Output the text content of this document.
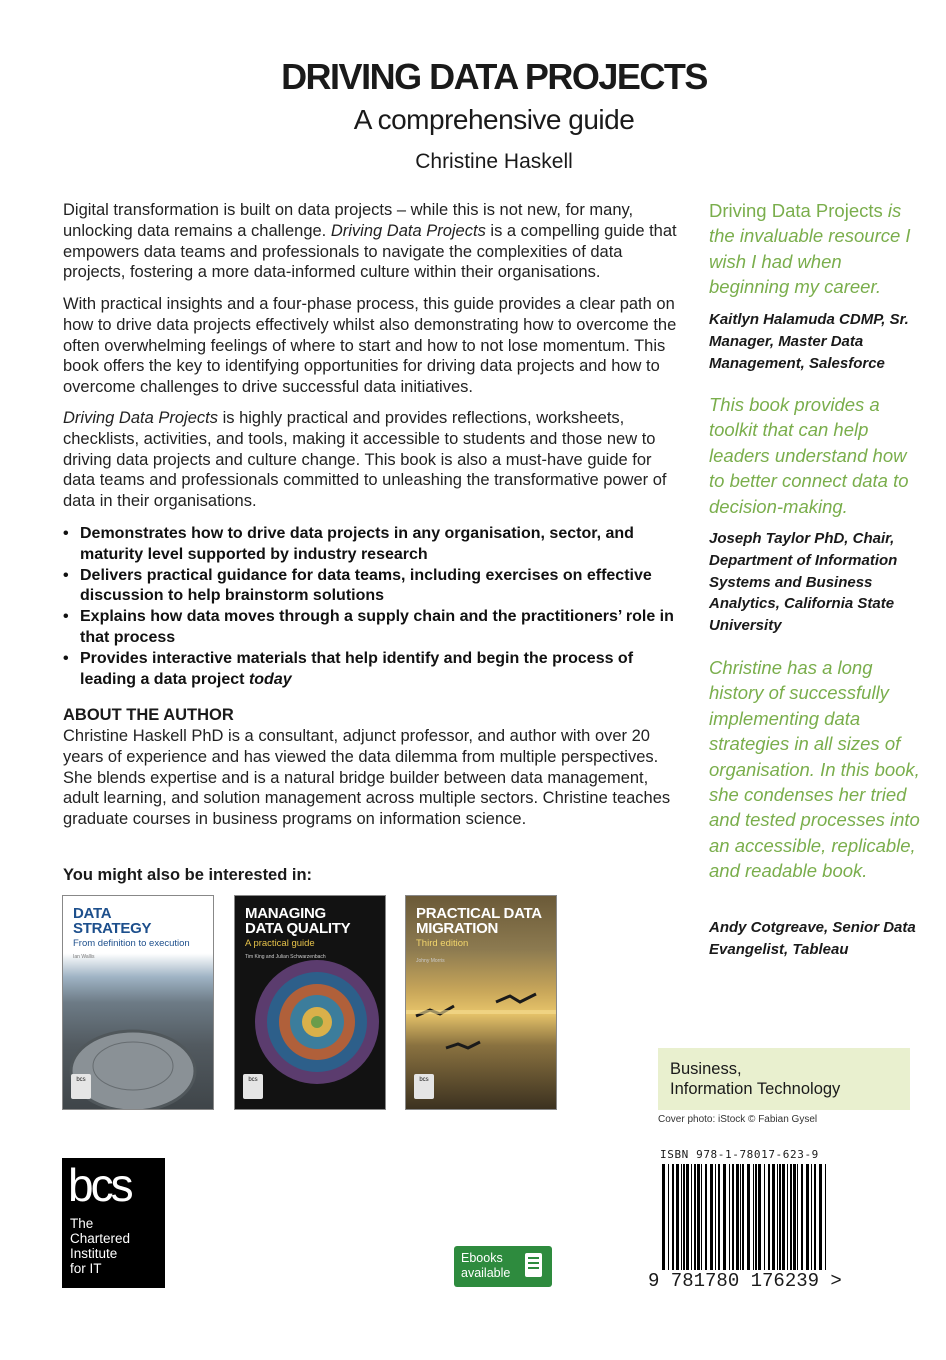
DRIVING DATA PROJECTS
A comprehensive guide
Christine Haskell

Digital transformation is built on data projects – while this is not new, for many, unlocking data remains a challenge. Driving Data Projects is a compelling guide that empowers data teams and professionals to navigate the complexities of data projects, fostering a more data-informed culture within their organisations.

With practical insights and a four-phase process, this guide provides a clear path on how to drive data projects effectively whilst also demonstrating how to overcome the often overwhelming feelings of where to start and how to not lose momentum. This book offers the key to identifying opportunities for driving data projects and how to overcome challenges to drive successful data initiatives.

Driving Data Projects is highly practical and provides reflections, worksheets, checklists, activities, and tools, making it accessible to students and those new to driving data projects and culture change. This book is also a must-have guide for data teams and professionals committed to unleashing the transformative power of data in their organisations.

• Demonstrates how to drive data projects in any organisation, sector, and maturity level supported by industry research
• Delivers practical guidance for data teams, including exercises on effective discussion to help brainstorm solutions
• Explains how data moves through a supply chain and the practitioners’ role in that process
• Provides interactive materials that help identify and begin the process of leading a data project today
ABOUT THE AUTHOR
Christine Haskell PhD is a consultant, adjunct professor, and author with over 20 years of experience and has viewed the data dilemma from multiple perspectives. She blends expertise and is a natural bridge builder between data management, adult learning, and solution management across multiple sectors. Christine teaches graduate courses in business programs on information science.
You might also be interested in:
DATA
STRATEGY
From definition to execution
Ian Wallis
bcs
MANAGING
DATA QUALITY
A practical guide
Tim King and Julian Schwarzenbach
bcs
PRACTICAL DATA
MIGRATION
Third edition
Johny Morris
bcs
Driving Data Projects is the invaluable resource I wish I had when beginning my career.
Kaitlyn Halamuda CDMP, Sr. Manager, Master Data Management, Salesforce
This book provides a toolkit that can help leaders understand how to better connect data to decision-making.
Joseph Taylor PhD, Chair, Department of Information Systems and Business Analytics, California State University
Christine has a long history of successfully implementing data strategies in all sizes of organisation. In this book, she condenses her tried and tested processes into an accessible, replicable, and readable book.
Andy Cotgreave, Senior Data Evangelist, Tableau
Business,
Information Technology
Cover photo: iStock © Fabian Gysel
ISBN 978-1-78017-623-9
9 781780 176239 >
bcs
The
Chartered
Institute
for IT
Ebooks
available
